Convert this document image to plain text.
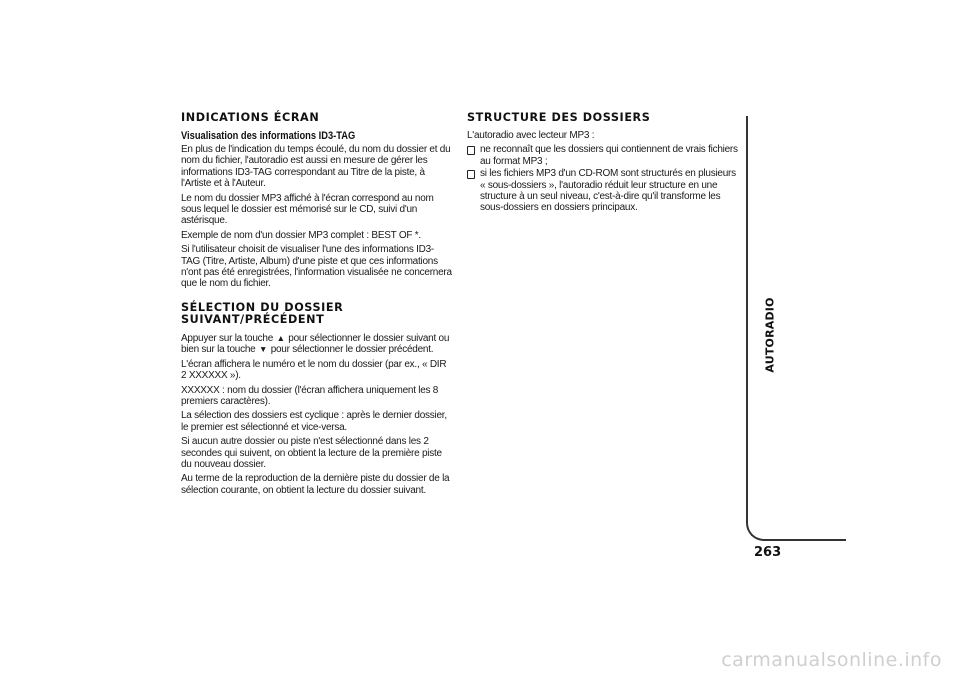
INDICATIONS ÉCRAN
Visualisation des informations ID3-TAG

En plus de l'indication du temps écoulé, du nom du dossier et du nom du fichier, l'autoradio est aussi en mesure de gérer les informations ID3-TAG correspondant au Titre de la piste, à l'Artiste et à l'Auteur.

Le nom du dossier MP3 affiché à l'écran correspond au nom sous lequel le dossier est mémorisé sur le CD, suivi d'un astérisque.

Exemple de nom d'un dossier MP3 complet : BEST OF *.

Si l'utilisateur choisit de visualiser l'une des informations ID3-TAG (Titre, Artiste, Album) d'une piste et que ces informations n'ont pas été enregistrées, l'information visualisée ne concernera que le nom du fichier.

SÉLECTION DU DOSSIER
SUIVANT/PRÉCÉDENT

Appuyer sur la touche ▲ pour sélectionner le dossier suivant ou bien sur la touche ▼ pour sélectionner le dossier précédent.

L'écran affichera le numéro et le nom du dossier (par ex., « DIR 2 XXXXXX »).

XXXXXX : nom du dossier (l'écran affichera uniquement les 8 premiers caractères).

La sélection des dossiers est cyclique : après le dernier dossier, le premier est sélectionné et vice-versa.

Si aucun autre dossier ou piste n'est sélectionné dans les 2 secondes qui suivent, on obtient la lecture de la première piste du nouveau dossier.

Au terme de la reproduction de la dernière piste du dossier de la sélection courante, on obtient la lecture du dossier suivant.

STRUCTURE DES DOSSIERS

L'autoradio avec lecteur MP3 :

ne reconnaît que les dossiers qui contiennent de vrais fichiers au format MP3 ;
si les fichiers MP3 d'un CD-ROM sont structurés en plusieurs « sous-dossiers », l'autoradio réduit leur structure en une structure à un seul niveau, c'est-à-dire qu'il transforme les sous-dossiers en dossiers principaux.
AUTORADIO
263
carmanualsonline.info
